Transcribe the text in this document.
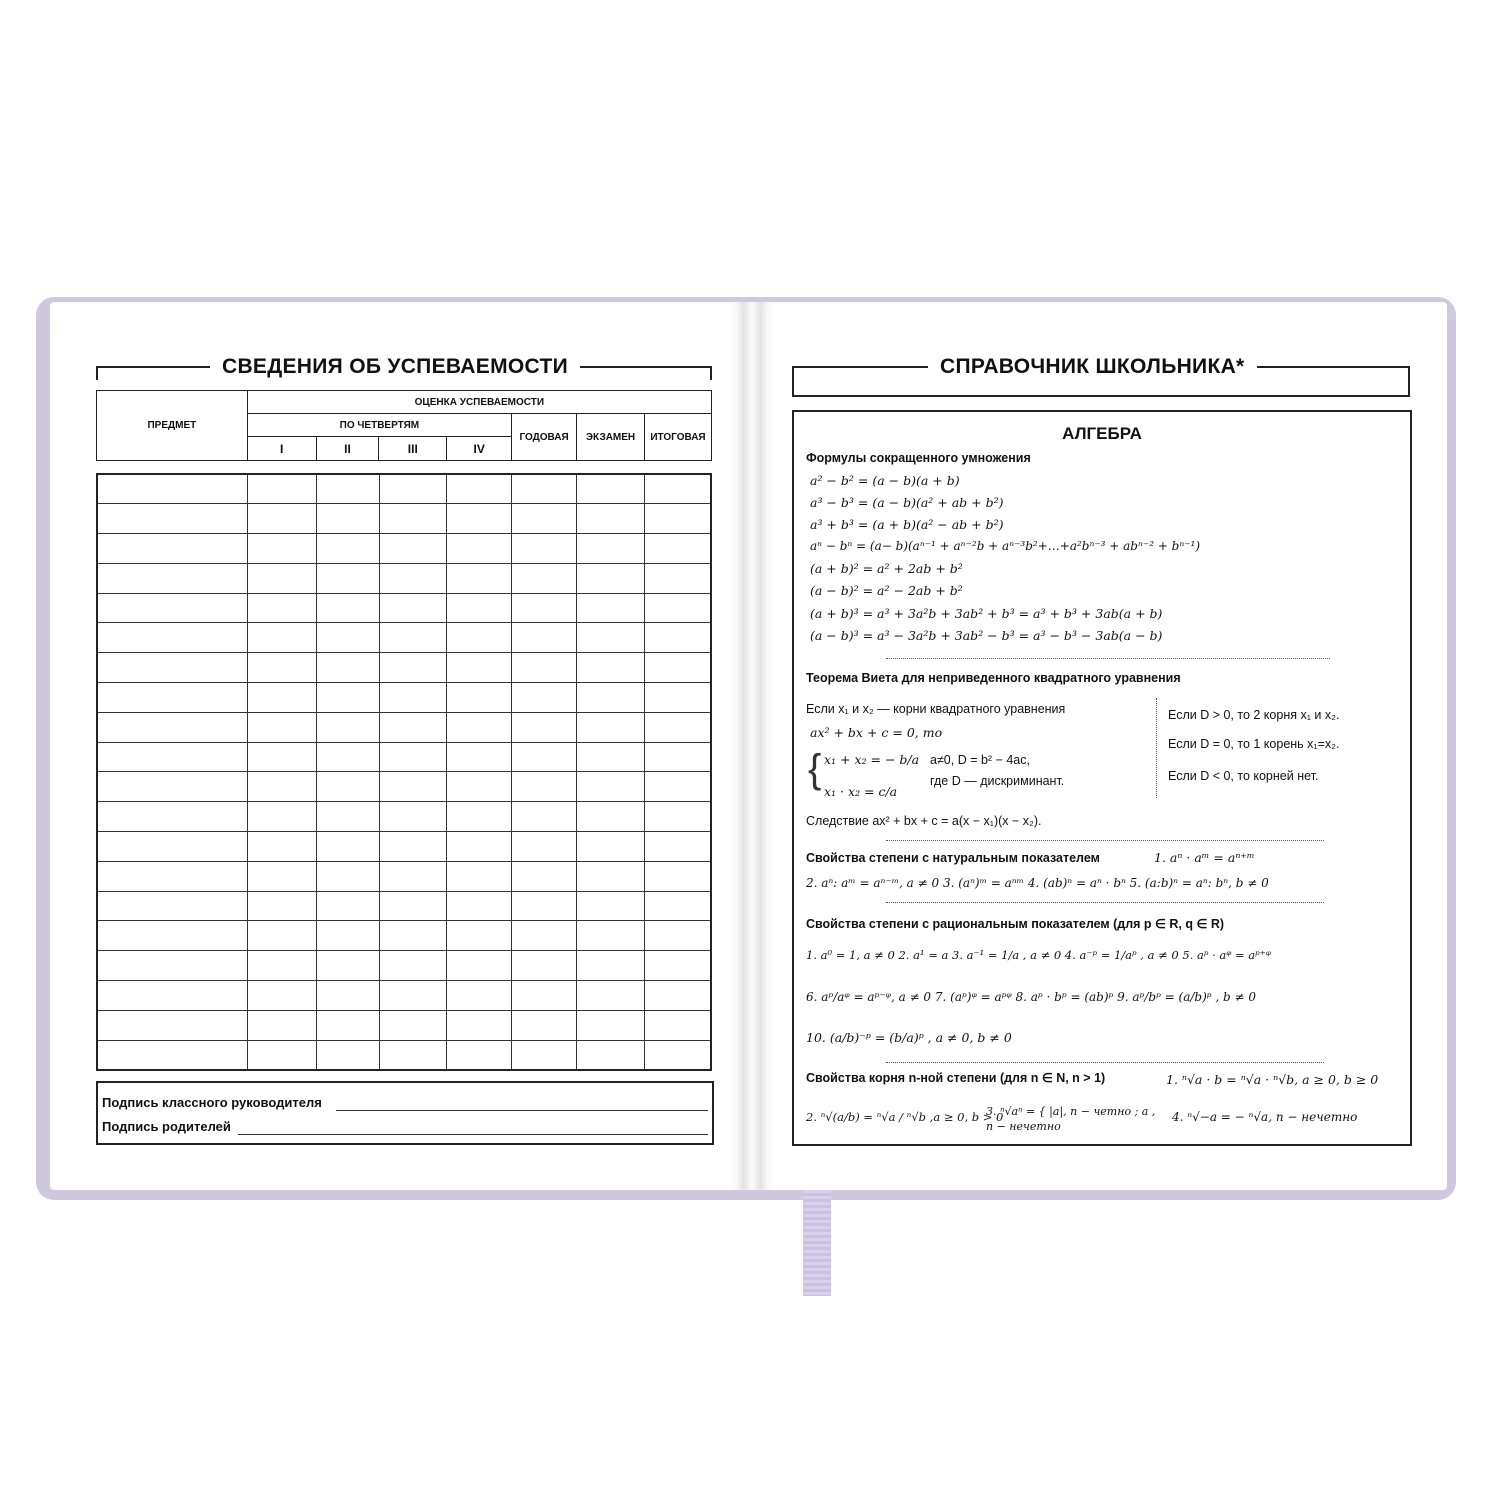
СВЕДЕНИЯ ОБ УСПЕВАЕМОСТИ
ПРЕДМЕТ	ОЦЕНКА УСПЕВАЕМОСТИ						
	ПО ЧЕТВЕРТЯМ				ГОДОВАЯ	ЭКЗАМЕН	ИТОГОВАЯ
	I	II	III	IV			

Подпись классного руководителя
Подпись родителей
СПРАВОЧНИК ШКОЛЬНИКА*
АЛГЕБРА
Формулы сокращенного умножения
a² − b² = (a − b)(a + b)
a³ − b³ = (a − b)(a² + ab + b²)
a³ + b³ = (a + b)(a² − ab + b²)
aⁿ − bⁿ = (a− b)(aⁿ⁻¹ + aⁿ⁻²b + aⁿ⁻³b²+…+a²bⁿ⁻³ + abⁿ⁻² + bⁿ⁻¹)
(a + b)² = a² + 2ab + b²
(a − b)² = a² − 2ab + b²
(a + b)³ = a³ + 3a²b + 3ab² + b³ = a³ + b³ + 3ab(a + b)
(a − b)³ = a³ − 3a²b + 3ab² − b³ = a³ − b³ − 3ab(a − b)
Теорема Виета для неприведенного квадратного уравнения
Если x₁ и x₂ — корни квадратного уравнения
ax² + bx + c = 0, то
{ x₁ + x₂ = − b/a
x₁ · x₂ = c/a
a≠0, D = b² − 4ac,
где D — дискриминант.
Если D > 0, то 2 корня x₁ и x₂.
Если D = 0, то 1 корень x₁=x₂.
Если D < 0, то корней нет.
Следствие ax² + bx + c = a(x − x₁)(x − x₂).
Свойства степени с натуральным показателем	1. aⁿ · aᵐ = aⁿ⁺ᵐ
2. aⁿ: aᵐ = aⁿ⁻ᵐ, a ≠ 0 3. (aⁿ)ᵐ = aⁿᵐ 4. (ab)ⁿ = aⁿ · bⁿ 5. (a:b)ⁿ = aⁿ: bⁿ, b ≠ 0
Свойства степени с рациональным показателем (для p ∈ R, q ∈ R)
1. a⁰ = 1, a ≠ 0 2. a¹ = a 3. a⁻¹ = 1/a , a ≠ 0 4. a⁻ᵖ = 1/aᵖ , a ≠ 0 5. aᵖ · aᵠ = aᵖ⁺ᵠ
6. aᵖ/aᵠ = aᵖ⁻ᵠ, a ≠ 0 7. (aᵖ)ᵠ = aᵖᵠ 8. aᵖ · bᵖ = (ab)ᵖ 9. aᵖ/bᵖ = (a/b)ᵖ , b ≠ 0
10. (a/b)⁻ᵖ = (b/a)ᵖ , a ≠ 0, b ≠ 0
Свойства корня n-ной степени (для n ∈ N, n > 1)	1. ⁿ√a · b = ⁿ√a · ⁿ√b, a ≥ 0, b ≥ 0
2. ⁿ√(a/b) = ⁿ√a / ⁿ√b ,a ≥ 0, b > 0
3. ⁿ√aⁿ = { |a|, n − четно ; a , n − нечетно
4. ⁿ√−a = − ⁿ√a, n − нечетно
